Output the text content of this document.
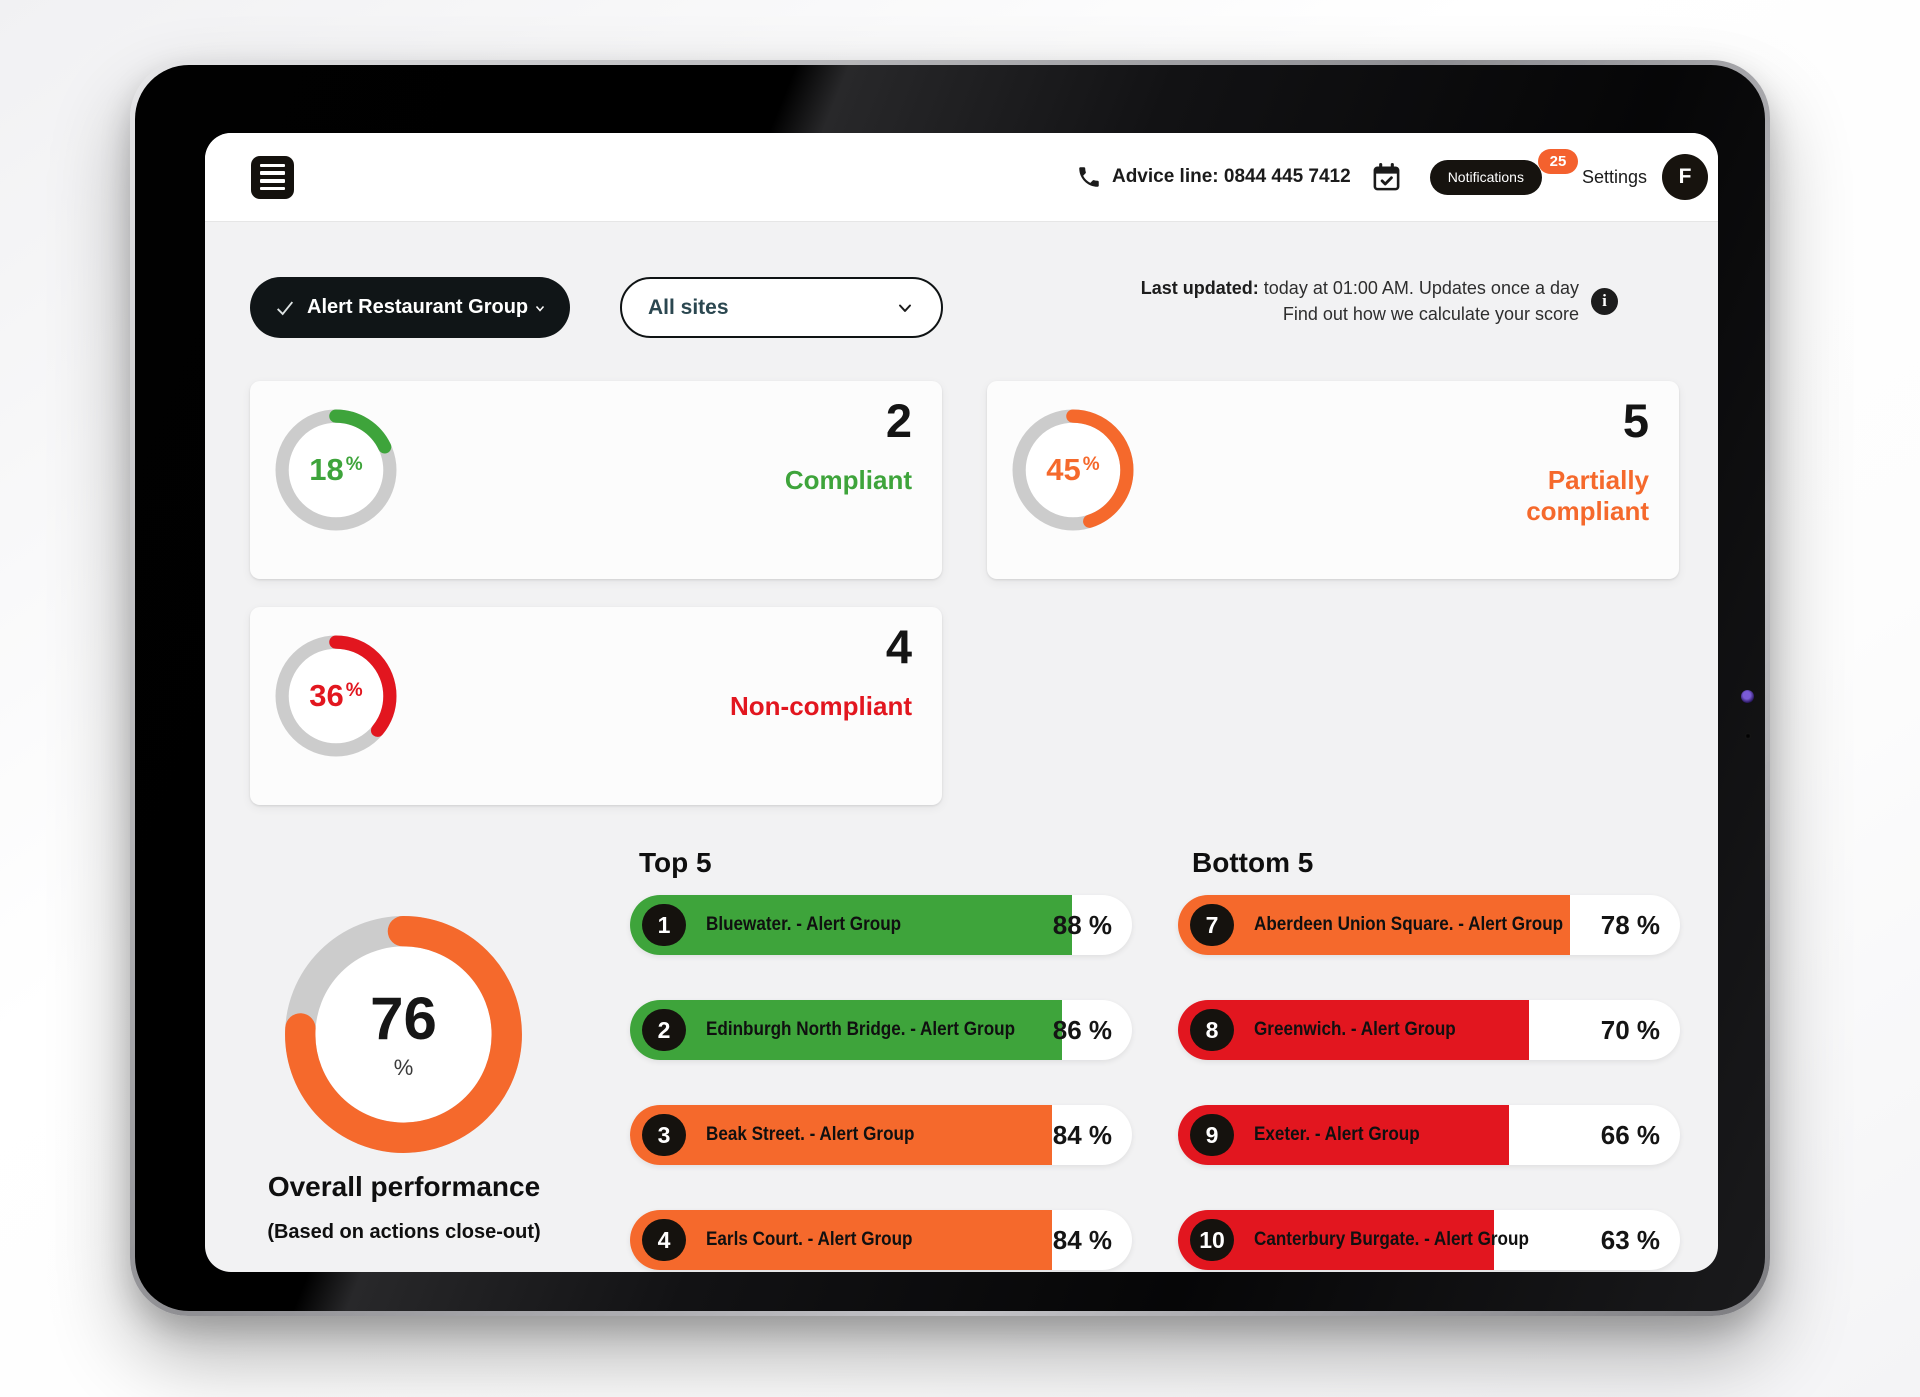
Advice line: 0844 445 7412	Notifications
25
Settings F
Alert Restaurant Group	All sites
Last updated: today at 01:00 AM. Updates once a day
Find out how we calculate your score
i
18 %
2
Compliant	45 %
5
Partially compliant
36 %
4
Non-compliant
76
%
Overall performance
(Based on actions close-out)
Top 5
1	Bluewater. - Alert Group	88 %
2	Edinburgh North Bridge. - Alert Group 86 %
3	Beak Street. - Alert Group	84 %
4	Earls Court. - Alert Group	84 %
Bottom 5
7	Aberdeen Union Square. - Alert Group 78 %
8	Greenwich. - Alert Group	70 %
9	Exeter. - Alert Group	66 %
10	Canterbury Burgate. - Alert Group	63 %
